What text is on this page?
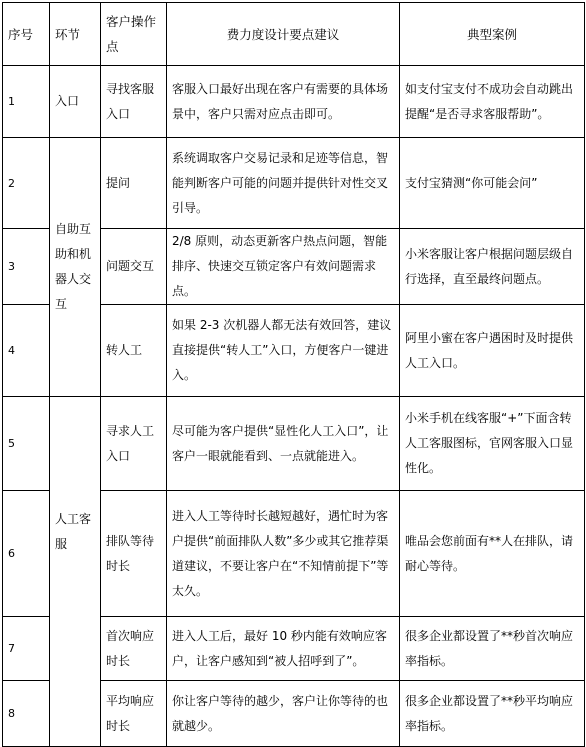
序号	环节	客户操作点	费力度设计要点建议	典型案例
1	入口	寻找客服入口	客服入口最好出现在客户有需要的具体场景中，客户只需对应点击即可。	如支付宝支付不成功会自动跳出提醒“是否寻求客服帮助”。
2	自助互助和机器人交互	提问	系统调取客户交易记录和足迹等信息，智能判断客户可能的问题并提供针对性交叉引导。	支付宝猜测“你可能会问”
3		问题交互	2/8 原则，动态更新客户热点问题，智能排序、快速交互锁定客户有效问题需求点。	小米客服让客户根据问题层级自行选择，直至最终问题点。
4		转人工	如果 2-3 次机器人都无法有效回答，建议直接提供“转人工”入口，方便客户一键进入。	阿里小蜜在客户遇困时及时提供人工入口。
5	人工客服	寻求人工入口	尽可能为客户提供“显性化人工入口”，让客户一眼就能看到、一点就能进入。	小米手机在线客服“+”下面含转人工客服图标，官网客服入口显性化。
6		排队等待时长	进入人工等待时长越短越好，遇忙时为客户提供“前面排队人数”多少或其它推荐渠道建议，不要让客户在“不知情前提下”等太久。	唯品会您前面有**人在排队，请耐心等待。
7		首次响应时长	进入人工后，最好 10 秒内能有效响应客户，让客户感知到“被人招呼到了”。	很多企业都设置了**秒首次响应率指标。
8		平均响应时长	你让客户等待的越少，客户让你等待的也就越少。	很多企业都设置了**秒平均响应率指标。
